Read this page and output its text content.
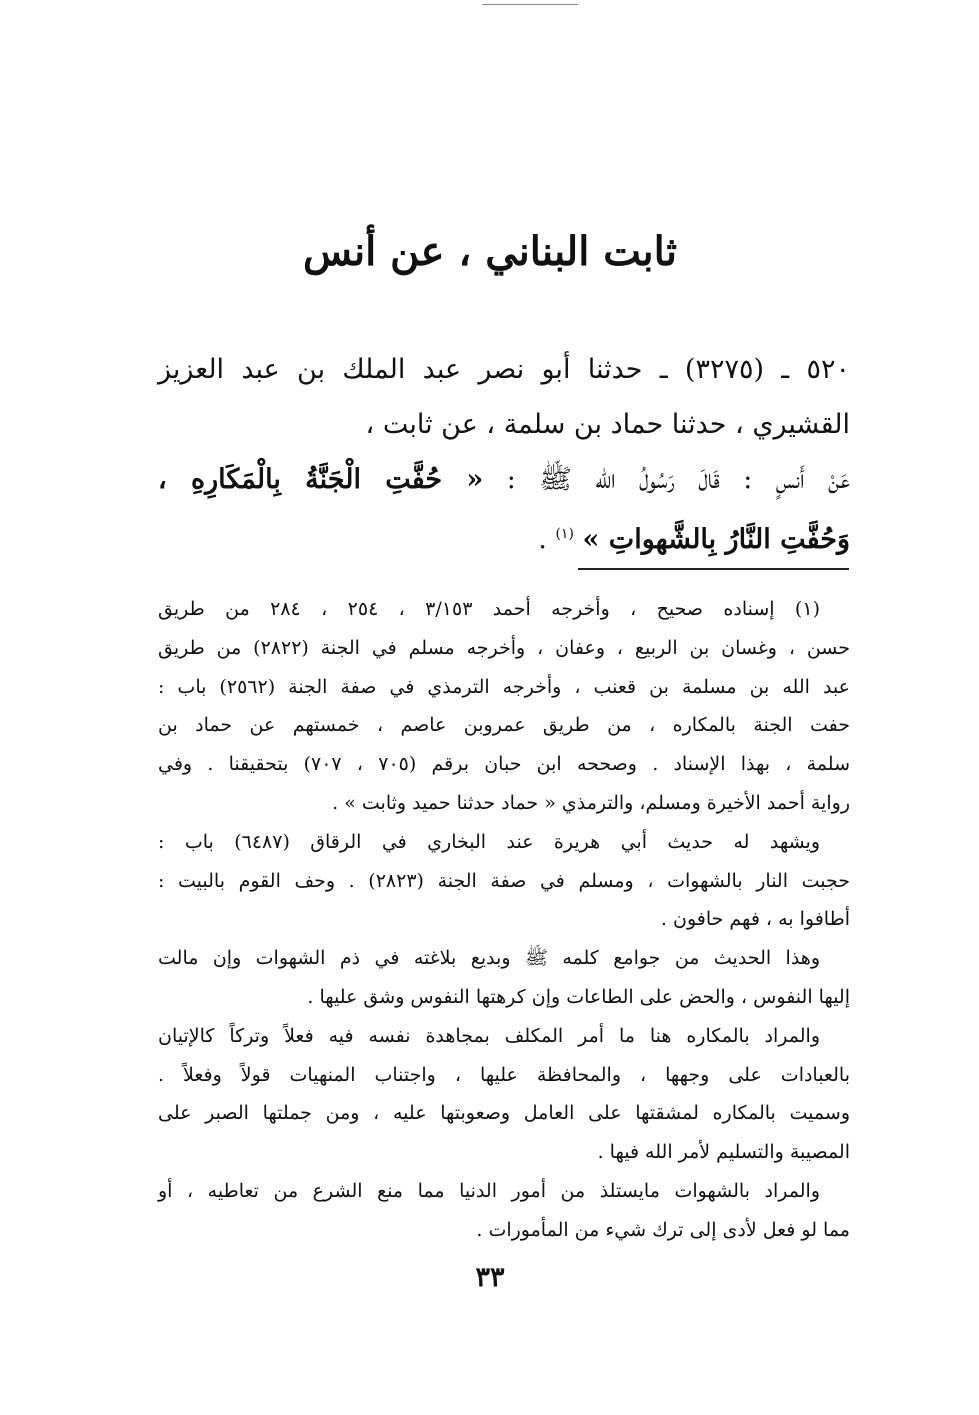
ثابت البناني ، عن أنس
٥٢٠ ـ (٣٢٧٥) ـ حدثنا أبو نصر عبد الملك بن عبد العزيز
القشيري ، حدثنا حماد بن سلمة ، عن ثابت ،
عَنْ أَنسٍ : قَالَ رَسُولُ الله ﷺ : « حُفَّتِ الْجَنَّةُ بِالْمَكَارِهِ ،
وَحُفَّتِ النَّارُ بِالشَّهواتِ » $^{(١)}$ .
(١) إسناده صحيح ، وأخرجه أحمد ٣/١٥٣ ، ٢٥٤ ، ٢٨٤ من طريق
حسن ، وغسان بن الربيع ، وعفان ، وأخرجه مسلم في الجنة (٢٨٢٢) من طريق
عبد الله بن مسلمة بن قعنب ، وأخرجه الترمذي في صفة الجنة (٢٥٦٢) باب :
حفت الجنة بالمكاره ، من طريق عمروبن عاصم ، خمستهم عن حماد بن
سلمة ، بهذا الإسناد . وصححه ابن حبان برقم (٧٠٥ ، ٧٠٧) بتحقيقنا . وفي
رواية أحمد الأخيرة ومسلم، والترمذي « حماد حدثنا حميد وثابت » .
ويشهد له حديث أبي هريرة عند البخاري في الرقاق (٦٤٨٧) باب :
حجبت النار بالشهوات ، ومسلم في صفة الجنة (٢٨٢٣) . وحف القوم بالبيت :
أطافوا به ، فهم حافون .
وهذا الحديث من جوامع كلمه ﷺ وبديع بلاغته في ذم الشهوات وإن مالت
إليها النفوس ، والحض على الطاعات وإن كرهتها النفوس وشق عليها .
والمراد بالمكاره هنا ما أمر المكلف بمجاهدة نفسه فيه فعلاً وتركاً كالإتيان
بالعبادات على وجهها ، والمحافظة عليها ، واجتناب المنهيات قولاً وفعلاً .
وسميت بالمكاره لمشقتها على العامل وصعوبتها عليه ، ومن جملتها الصبر على
المصيبة والتسليم لأمر الله فيها .
والمراد بالشهوات مايستلذ من أمور الدنيا مما منع الشرع من تعاطيه ، أو
مما لو فعل لأدى إلى ترك شيء من المأمورات .
٣٣
